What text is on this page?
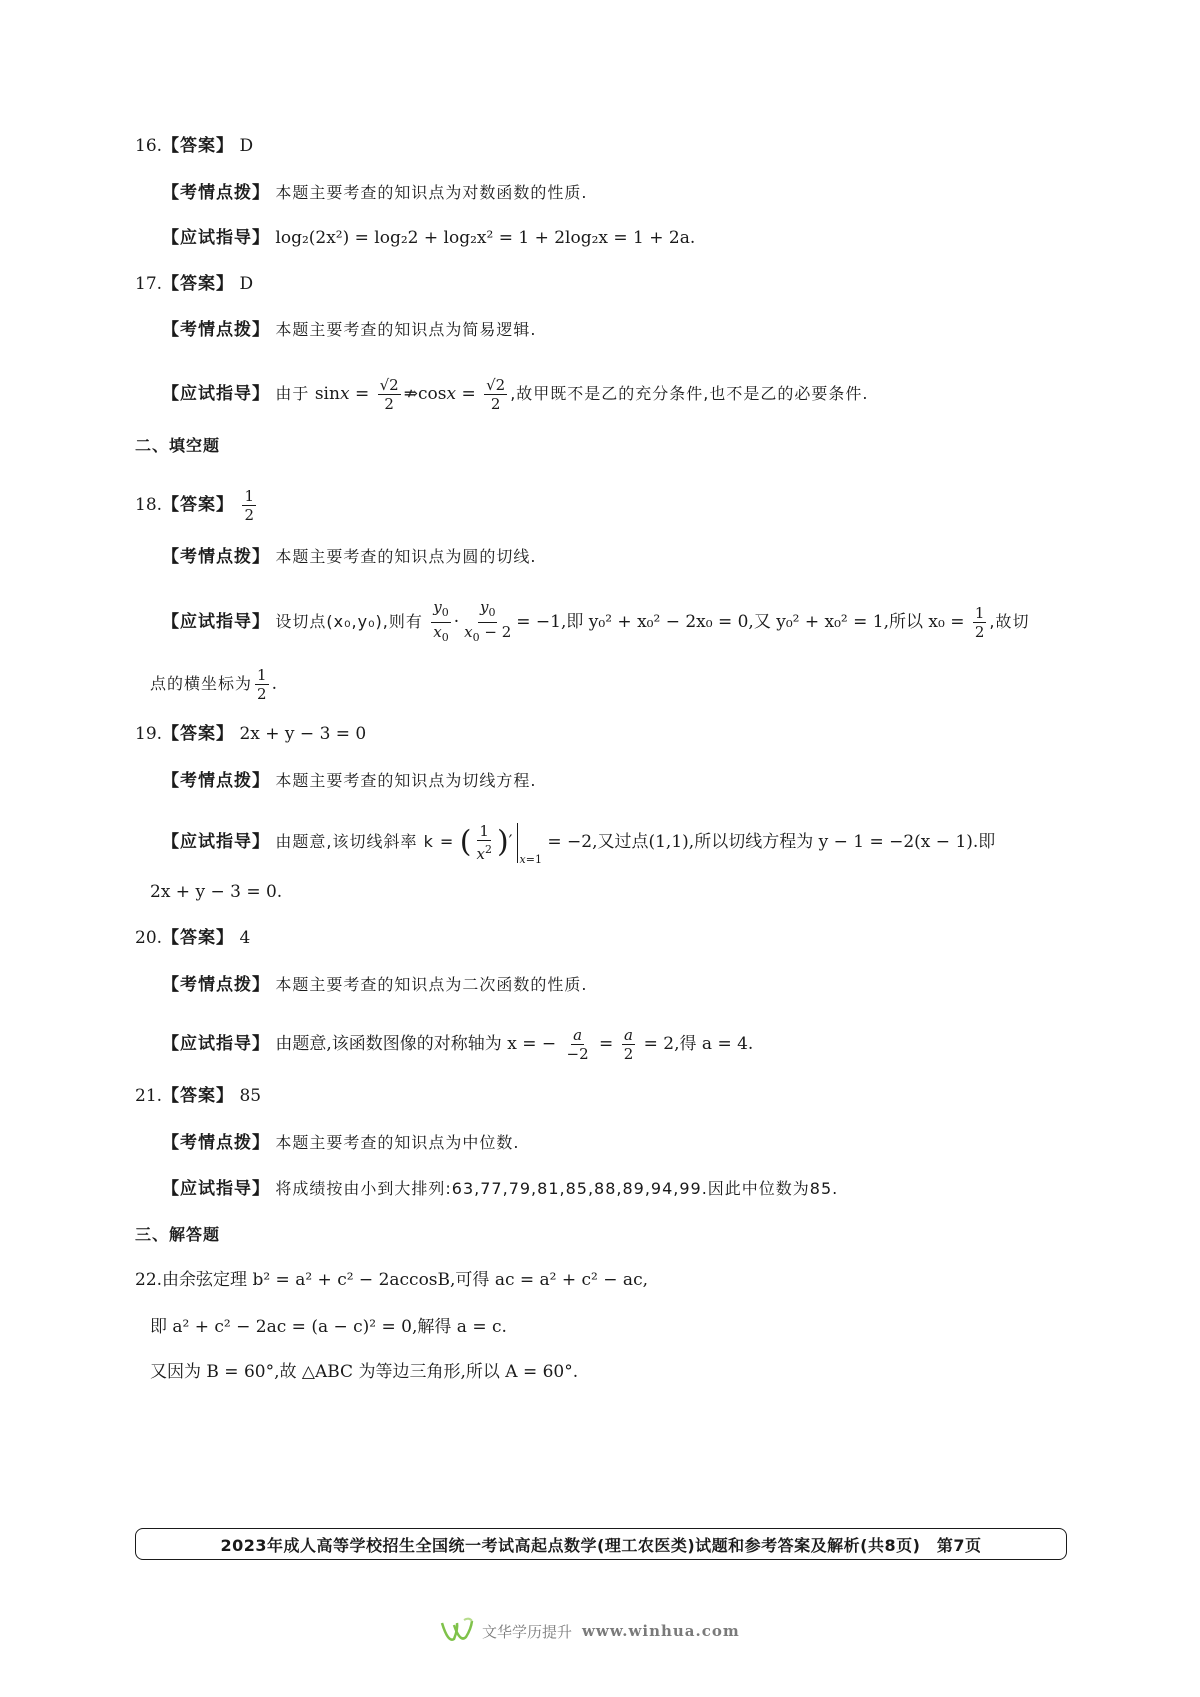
16.【答案】 D
【考情点拨】 本题主要考查的知识点为对数函数的性质.
【应试指导】 log₂(2x²) = log₂2 + log₂x² = 1 + 2log₂x = 1 + 2a.
17.【答案】 D
【考情点拨】 本题主要考查的知识点为简易逻辑.
【应试指导】 由于 $\sin x = \frac{√2}{2}$ ⇏cosx = $\frac{√2}{2}$ ,故甲既不是乙的充分条件,也不是乙的必要条件.
二、填空题
18.【答案】 $\frac{1}{2}$
【考情点拨】 本题主要考查的知识点为圆的切线.
【应试指导】 设切点(x₀,y₀),则有 $\frac{y_0}{x_0} \cdot \frac{y_0}{x_0 - 2} = -1$,即 y₀² + x₀² − 2x₀ = 0,又 y₀² + x₀² = 1,所以 $x_0 = \frac{1}{2}$ ,故切
点的横坐标为 $\frac{1}{2}$ .
19.【答案】 2x + y − 3 = 0
【考情点拨】 本题主要考查的知识点为切线方程.
【应试指导】 由题意,该切线斜率 k = ( $\frac{1}{x^2} )'_{x=1} = -2$,又过点(1,1),所以切线方程为 y − 1 = −2(x − 1).即
2x + y − 3 = 0.
20.【答案】 4
【考情点拨】 本题主要考查的知识点为二次函数的性质.
【应试指导】 由题意,该函数图像的对称轴为 x = − $\frac{a}{-2} = \frac{a}{2} = 2$,得 a = 4.
21.【答案】 85
【考情点拨】 本题主要考查的知识点为中位数.
【应试指导】 将成绩按由小到大排列:63,77,79,81,85,88,89,94,99.因此中位数为85.
三、解答题
22.由余弦定理 b² = a² + c² − 2accosB,可得 ac = a² + c² − ac,
即 a² + c² − 2ac = (a − c)² = 0,解得 a = c.
又因为 B = 60°,故 △ABC 为等边三角形,所以 A = 60°.
2023年成人高等学校招生全国统一考试高起点数学(理工农医类)试题和参考答案及解析(共8页)　第7页
文华学历提升 www.winhua.com
